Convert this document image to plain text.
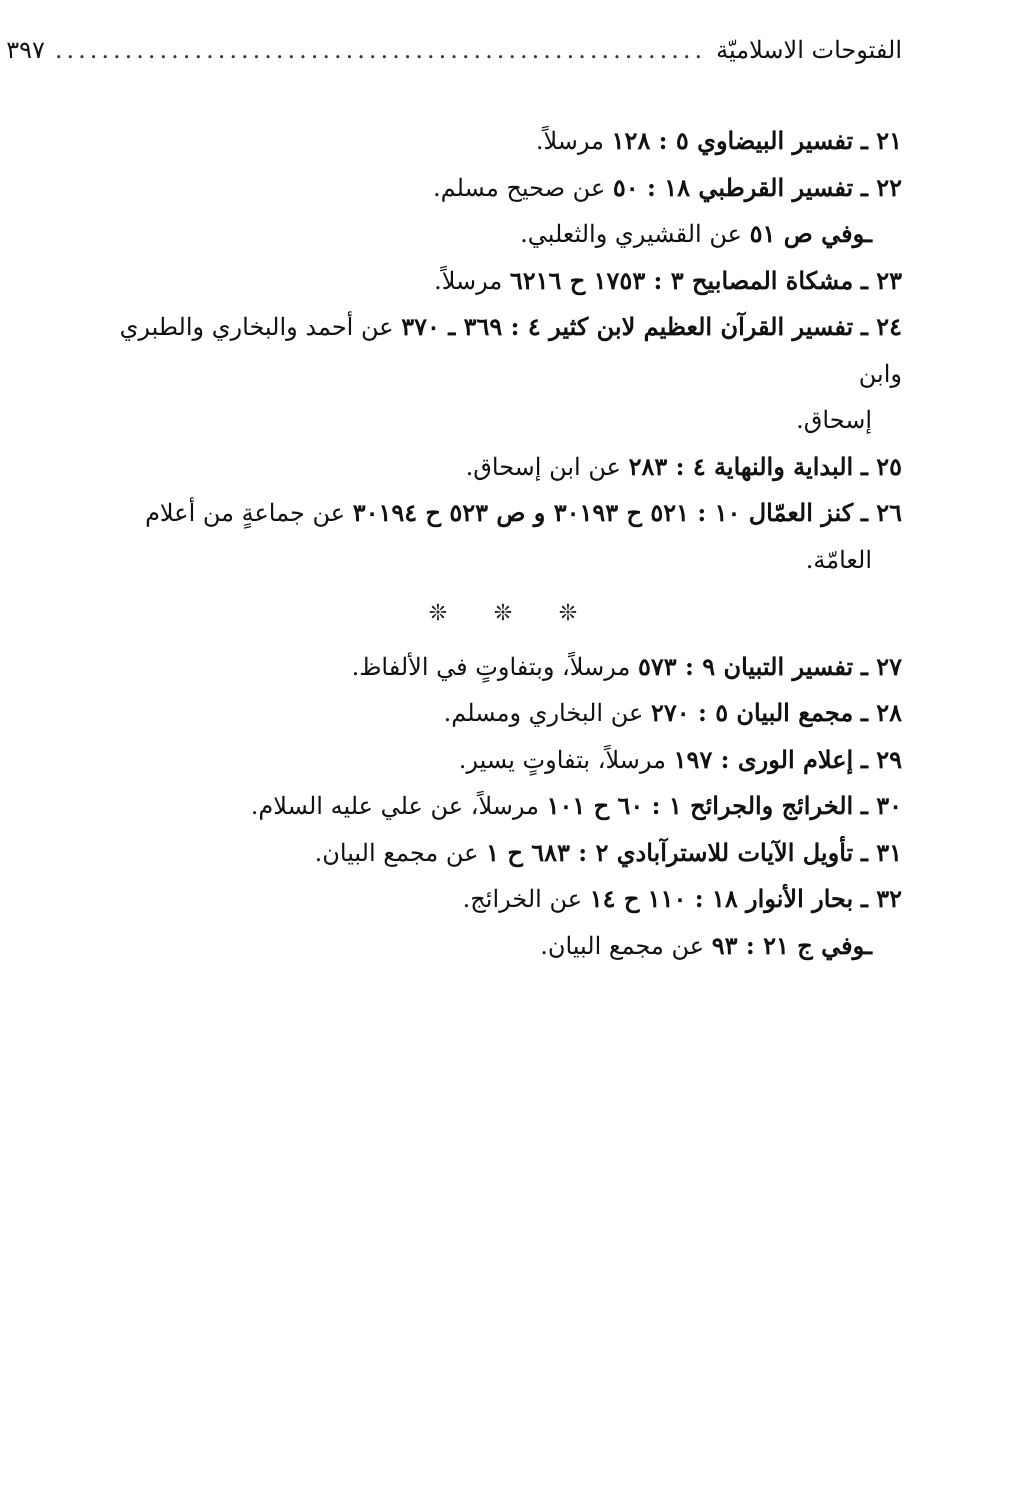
الفتوحات الاسلاميّة
........................................................
٣٩٧

٢١ ـ تفسير البيضاوي ٥ : ١٢٨ مرسلاً.

٢٢ ـ تفسير القرطبي ١٨ : ٥٠ عن صحيح مسلم.

ـوفي ص ٥١ عن القشيري والثعلبي.

٢٣ ـ مشكاة المصابيح ٣ : ١٧٥٣ ح ٦٢١٦ مرسلاً.

٢٤ ـ تفسير القرآن العظيم لابن كثير ٤ : ٣٦٩ ـ ٣٧٠ عن أحمد والبخاري والطبري وابن
إسحاق.

٢٥ ـ البداية والنهاية ٤ : ٢٨٣ عن ابن إسحاق.

٢٦ ـ كنز العمّال ١٠ : ٥٢١ ح ٣٠١٩٣ و ص ٥٢٣ ح ٣٠١٩٤ عن جماعةٍ من أعلام
العامّة.

❊ ❊ ❊

٢٧ ـ تفسير التبيان ٩ : ٥٧٣ مرسلاً، وبتفاوتٍ في الألفاظ.

٢٨ ـ مجمع البيان ٥ : ٢٧٠ عن البخاري ومسلم.

٢٩ ـ إعلام الورى : ١٩٧ مرسلاً، بتفاوتٍ يسير.

٣٠ ـ الخرائج والجرائح ١ : ٦٠ ح ١٠١ مرسلاً، عن علي عليه السلام.

٣١ ـ تأويل الآيات للاسترآبادي ٢ : ٦٨٣ ح ١ عن مجمع البيان.

٣٢ ـ بحار الأنوار ١٨ : ١١٠ ح ١٤ عن الخرائج.

ـوفي ج ٢١ : ٩٣ عن مجمع البيان.
